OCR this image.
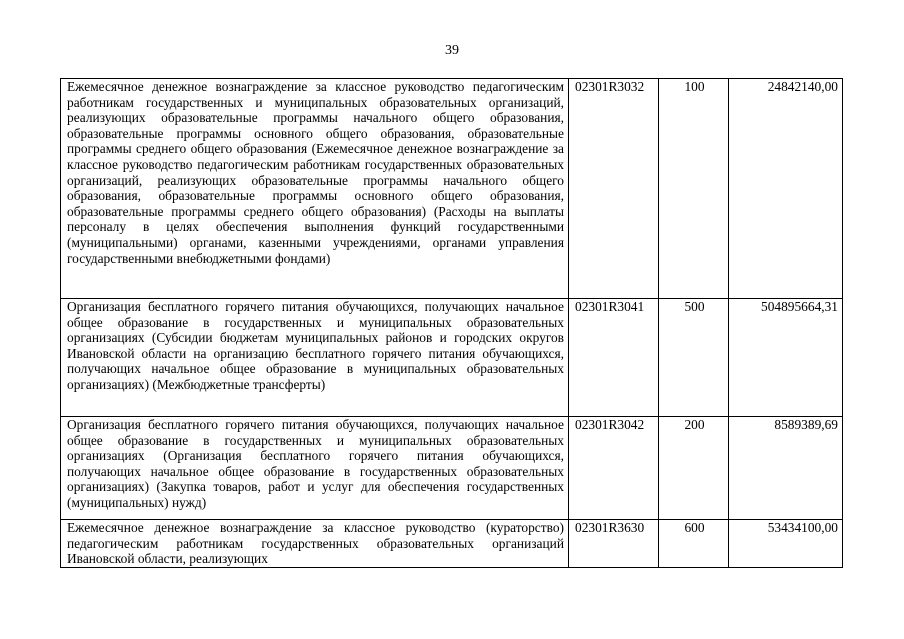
39
Ежемесячное денежное вознаграждение за классное руководство педагогическим работникам государственных и муниципальных образовательных организаций, реализующих образовательные программы начального общего образования, образовательные программы основного общего образования, образовательные программы среднего общего образования (Ежемесячное денежное вознаграждение за классное руководство педагогическим работникам государственных образовательных организаций, реализующих образовательные программы начального общего образования, образовательные программы основного общего образования, образовательные программы среднего общего образования) (Расходы на выплаты персоналу в целях обеспечения выполнения функций государственными (муниципальными) органами, казенными учреждениями, органами управления государственными внебюджетными фондами)	02301R3032	100	24842140,00
Организация бесплатного горячего питания обучающихся, получающих начальное общее образование в государственных и муниципальных образовательных организациях (Субсидии бюджетам муниципальных районов и городских округов Ивановской области на организацию бесплатного горячего питания обучающихся, получающих начальное общее образование в муниципальных образовательных организациях) (Межбюджетные трансферты)	02301R3041	500	504895664,31
Организация бесплатного горячего питания обучающихся, получающих начальное общее образование в государственных и муниципальных образовательных организациях (Организация бесплатного горячего питания обучающихся, получающих начальное общее образование в государственных образовательных организациях) (Закупка товаров, работ и услуг для обеспечения государственных (муниципальных) нужд)	02301R3042	200	8589389,69
Ежемесячное денежное вознаграждение за классное руководство (кураторство) педагогическим работникам государственных образовательных организаций Ивановской области, реализующих	02301R3630	600	53434100,00
